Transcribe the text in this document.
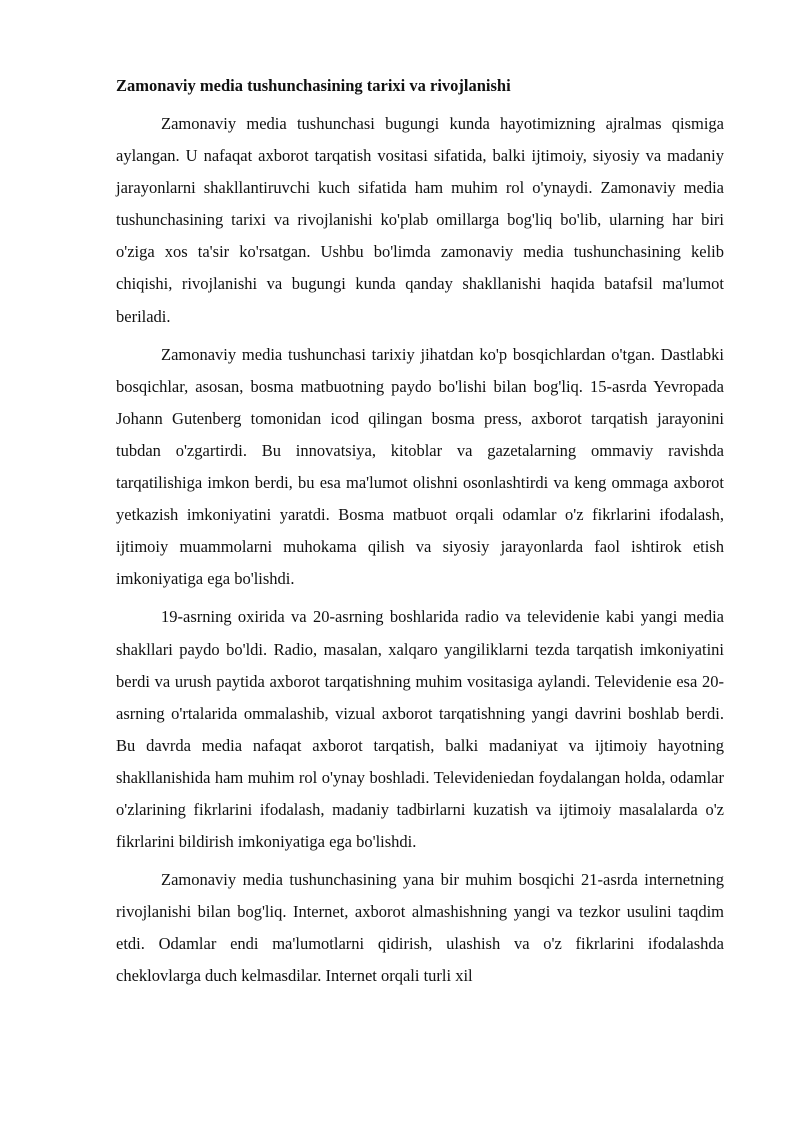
Zamonaviy media tushunchasining tarixi va rivojlanishi

Zamonaviy media tushunchasi bugungi kunda hayotimizning ajralmas qismiga aylangan. U nafaqat axborot tarqatish vositasi sifatida, balki ijtimoiy, siyosiy va madaniy jarayonlarni shakllantiruvchi kuch sifatida ham muhim rol o'ynaydi. Zamonaviy media tushunchasining tarixi va rivojlanishi ko'plab omillarga bog'liq bo'lib, ularning har biri o'ziga xos ta'sir ko'rsatgan. Ushbu bo'limda zamonaviy media tushunchasining kelib chiqishi, rivojlanishi va bugungi kunda qanday shakllanishi haqida batafsil ma'lumot beriladi.

Zamonaviy media tushunchasi tarixiy jihatdan ko'p bosqichlardan o'tgan. Dastlabki bosqichlar, asosan, bosma matbuotning paydo bo'lishi bilan bog'liq. 15-asrda Yevropada Johann Gutenberg tomonidan icod qilingan bosma press, axborot tarqatish jarayonini tubdan o'zgartirdi. Bu innovatsiya, kitoblar va gazetalarning ommaviy ravishda tarqatilishiga imkon berdi, bu esa ma'lumot olishni osonlashtirdi va keng ommaga axborot yetkazish imkoniyatini yaratdi. Bosma matbuot orqali odamlar o'z fikrlarini ifodalash, ijtimoiy muammolarni muhokama qilish va siyosiy jarayonlarda faol ishtirok etish imkoniyatiga ega bo'lishdi.

19-asrning oxirida va 20-asrning boshlarida radio va televidenie kabi yangi media shakllari paydo bo'ldi. Radio, masalan, xalqaro yangiliklarni tezda tarqatish imkoniyatini berdi va urush paytida axborot tarqatishning muhim vositasiga aylandi. Televidenie esa 20-asrning o'rtalarida ommalashib, vizual axborot tarqatishning yangi davrini boshlab berdi. Bu davrda media nafaqat axborot tarqatish, balki madaniyat va ijtimoiy hayotning shakllanishida ham muhim rol o'ynay boshladi. Televideniedan foydalangan holda, odamlar o'zlarining fikrlarini ifodalash, madaniy tadbirlarni kuzatish va ijtimoiy masalalarda o'z fikrlarini bildirish imkoniyatiga ega bo'lishdi.

Zamonaviy media tushunchasining yana bir muhim bosqichi 21-asrda internetning rivojlanishi bilan bog'liq. Internet, axborot almashishning yangi va tezkor usulini taqdim etdi. Odamlar endi ma'lumotlarni qidirish, ulashish va o'z fikrlarini ifodalashda cheklovlarga duch kelmasdilar. Internet orqali turli xil
